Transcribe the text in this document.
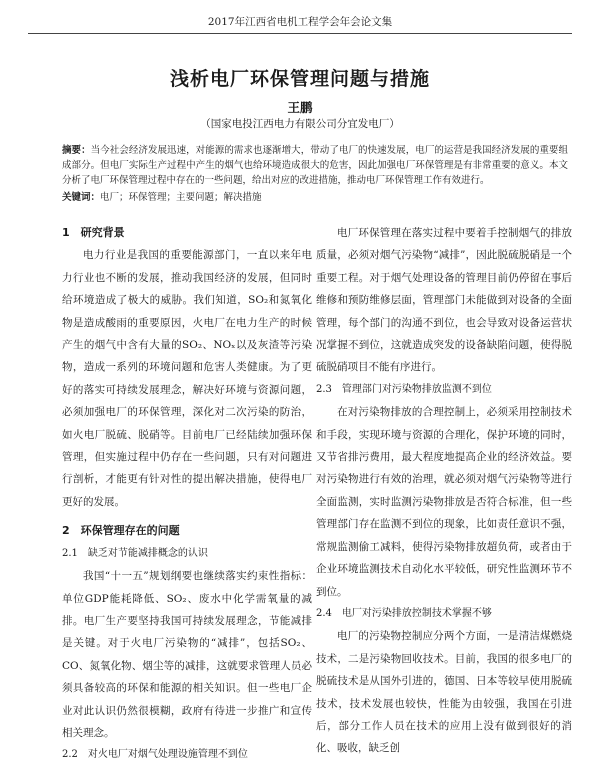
2017年江西省电机工程学会年会论文集
浅析电厂环保管理问题与措施
王鹏
（国家电投江西电力有限公司分宜发电厂）
摘要：当今社会经济发展迅速，对能源的需求也逐渐增大，带动了电厂的快速发展，电厂的运营是我国经济发展的重要组成部分。但电厂实际生产过程中产生的烟气也给环境造成很大的危害，因此加强电厂环保管理是有非常重要的意义。本文分析了电厂环保管理过程中存在的一些问题，给出对应的改进措施，推动电厂环保管理工作有效进行。
关键词：电厂；环保管理；主要问题；解决措施
1　研究背景

电力行业是我国的重要能源部门，一直以来年电力行业也不断的发展，推动我国经济的发展，但同时给环境造成了极大的威胁。我们知道，SO₂和氮氧化物是造成酸雨的重要原因，火电厂在电力生产的时候产生的烟气中含有大量的SO₂、NOₓ以及灰渣等污染物，造成一系列的环境问题和危害人类健康。为了更好的落实可持续发展理念，解决好环境与资源问题，必须加强电厂的环保管理，深化对二次污染的防治，如火电厂脱硫、脱硝等。目前电厂已经陆续加强环保管理，但实施过程中仍存在一些问题，只有对问题进行剖析，才能更有针对性的提出解决措施，使得电厂更好的发展。

2　环保管理存在的问题
2.1　缺乏对节能减排概念的认识

我国“十一五”规划纲要也继续落实约束性指标：单位GDP能耗降低、SO₂、废水中化学需氧量的减排。电厂生产要坚持我国可持续发展理念，节能减排是关键。对于火电厂污染物的“减排”，包括SO₂、CO、氮氧化物、烟尘等的减排，这就要求管理人员必须具备较高的环保和能源的相关知识。但一些电厂企业对此认识仍然很模糊，政府有待进一步推广和宣传相关理念。

2.2　对火电厂对烟气处理设施管理不到位

电厂环保管理在落实过程中要着手控制烟气的排放质量，必须对烟气污染物“减排”，因此脱硫脱硝是一个重要工程。对于烟气处理设备的管理目前仍停留在事后维修和预防维修层面，管理部门未能做到对设备的全面管理，每个部门的沟通不到位，也会导致对设备运营状况掌握不到位，这就造成突发的设备缺陷问题，使得脱硫脱硝项目不能有序进行。

2.3　管理部门对污染物排放监测不到位

在对污染物排放的合理控制上，必须采用控制技术和手段，实现环境与资源的合理化，保护环境的同时，又节省排污费用，最大程度地提高企业的经济效益。要对污染物进行有效的治理，就必须对烟气污染物等进行全面监测，实时监测污染物排放是否符合标准，但一些管理部门存在监测不到位的现象，比如责任意识不强，常规监测偷工减料，使得污染物排放超负荷，或者由于企业环境监测技术自动化水平较低，研究性监测环节不到位。

2.4　电厂对污染排放控制技术掌握不够

电厂的污染物控制应分两个方面，一是清洁煤燃烧技术，二是污染物回收技术。目前，我国的很多电厂的脱硫技术是从国外引进的，德国、日本等较早使用脱硫技术，技术发展也较快，性能为由较强，我国在引进后，部分工作人员在技术的应用上没有做到很好的消化、吸收，缺乏创
